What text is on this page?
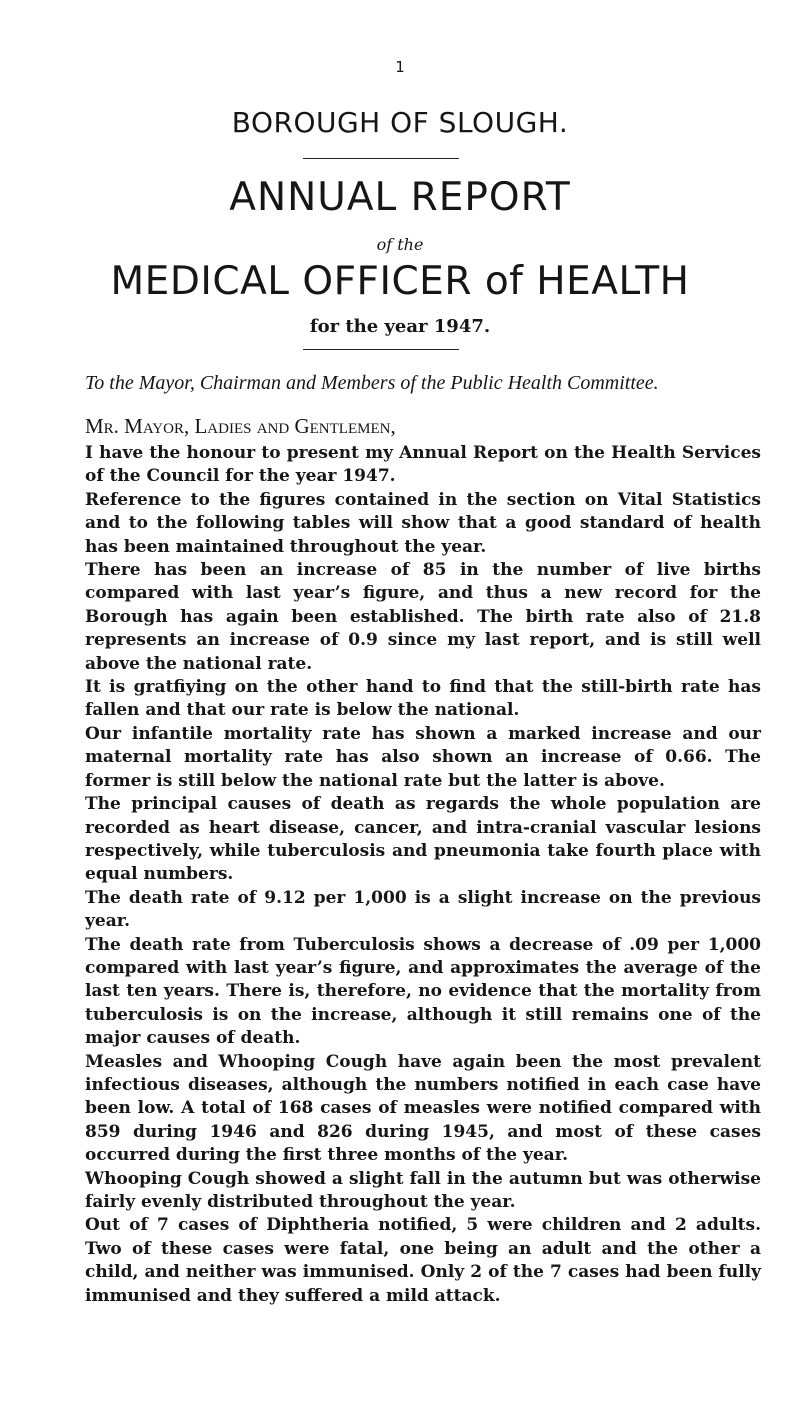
1
BOROUGH OF SLOUGH.
ANNUAL REPORT
of the
MEDICAL OFFICER of HEALTH
for the year 1947.
To the Mayor, Chairman and Members of the Public Health Committee.
Mr. Mayor, Ladies and Gentlemen,

I have the honour to present my Annual Report on the Health Services of the Council for the year 1947.

Reference to the figures contained in the section on Vital Statistics and to the following tables will show that a good standard of health has been maintained throughout the year.

There has been an increase of 85 in the number of live births compared with last year’s figure, and thus a new record for the Borough has again been established. The birth rate also of 21.8 represents an increase of 0.9 since my last report, and is still well above the national rate.

It is gratfiying on the other hand to find that the still-birth rate has fallen and that our rate is below the national.

Our infantile mortality rate has shown a marked increase and our maternal mortality rate has also shown an increase of 0.66. The former is still below the national rate but the latter is above.

The principal causes of death as regards the whole population are recorded as heart disease, cancer, and intra-cranial vascular lesions respectively, while tuberculosis and pneumonia take fourth place with equal numbers.

The death rate of 9.12 per 1,000 is a slight increase on the previous year.

The death rate from Tuberculosis shows a decrease of .09 per 1,000 compared with last year’s figure, and approximates the average of the last ten years. There is, therefore, no evidence that the mortality from tuberculosis is on the increase, although it still remains one of the major causes of death.

Measles and Whooping Cough have again been the most prevalent infectious diseases, although the numbers notified in each case have been low. A total of 168 cases of measles were notified compared with 859 during 1946 and 826 during 1945, and most of these cases occurred during the first three months of the year.

Whooping Cough showed a slight fall in the autumn but was otherwise fairly evenly distributed throughout the year.

Out of 7 cases of Diphtheria notified, 5 were children and 2 adults. Two of these cases were fatal, one being an adult and the other a child, and neither was immunised. Only 2 of the 7 cases had been fully immunised and they suffered a mild attack.
